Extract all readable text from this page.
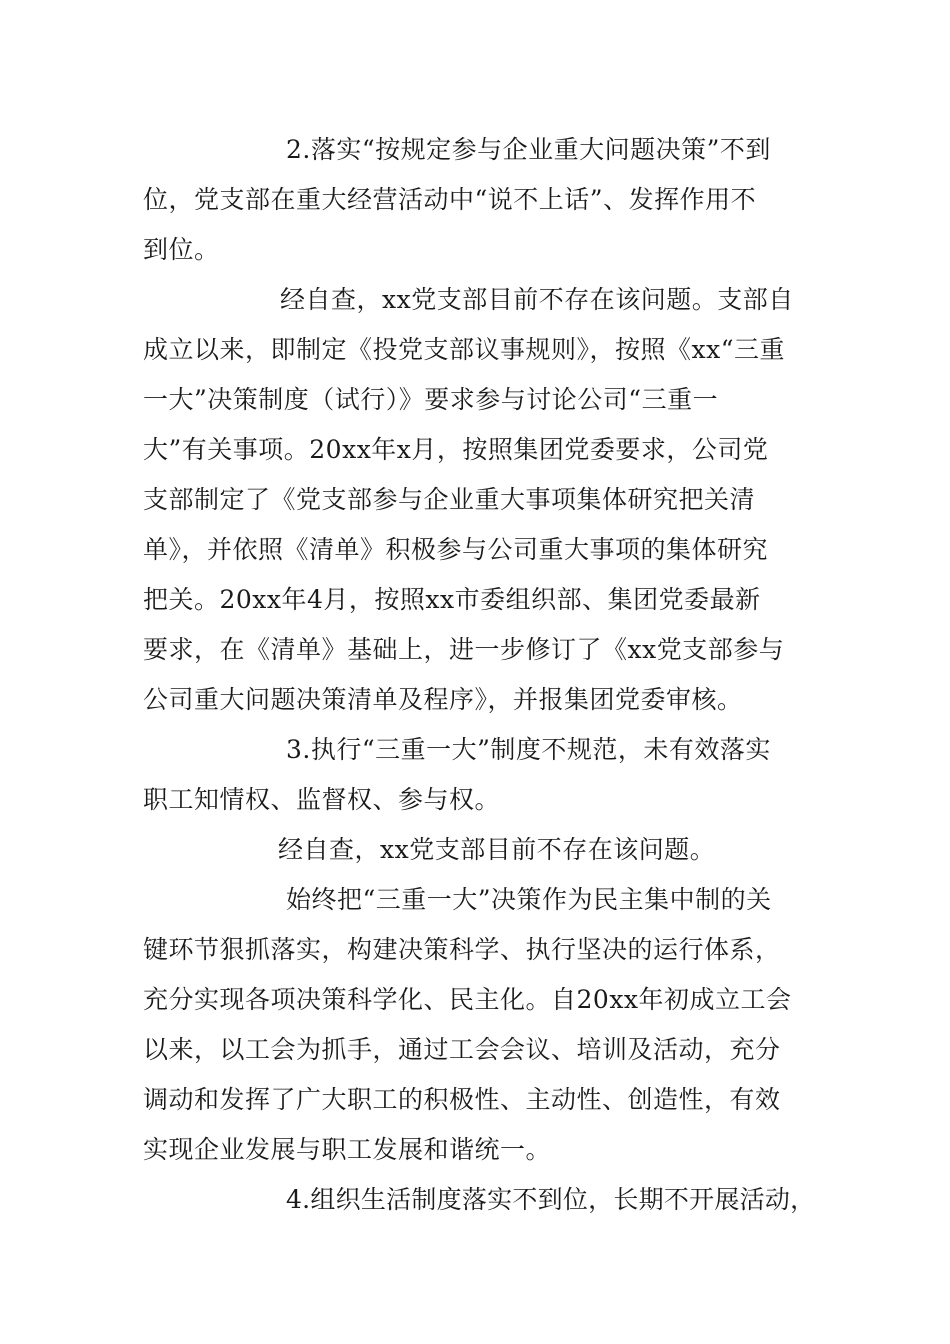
2.落实“按规定参与企业重大问题决策”不到
位，党支部在重大经营活动中“说不上话”、发挥作用不
到位。
经自查，xx党支部目前不存在该问题。支部自
成立以来，即制定《投党支部议事规则》，按照《xx“三重
一大”决策制度（试行）》要求参与讨论公司“三重一
大”有关事项。20xx年x月，按照集团党委要求，公司党
支部制定了《党支部参与企业重大事项集体研究把关清
单》，并依照《清单》积极参与公司重大事项的集体研究
把关。20xx年4月，按照xx市委组织部、集团党委最新
要求，在《清单》基础上，进一步修订了《xx党支部参与
公司重大问题决策清单及程序》，并报集团党委审核。
3.执行“三重一大”制度不规范，未有效落实
职工知情权、监督权、参与权。
经自查，xx党支部目前不存在该问题。
始终把“三重一大”决策作为民主集中制的关
键环节狠抓落实，构建决策科学、执行坚决的运行体系，
充分实现各项决策科学化、民主化。自20xx年初成立工会
以来，以工会为抓手，通过工会会议、培训及活动，充分
调动和发挥了广大职工的积极性、主动性、创造性，有效
实现企业发展与职工发展和谐统一。
4.组织生活制度落实不到位，长期不开展活动，
